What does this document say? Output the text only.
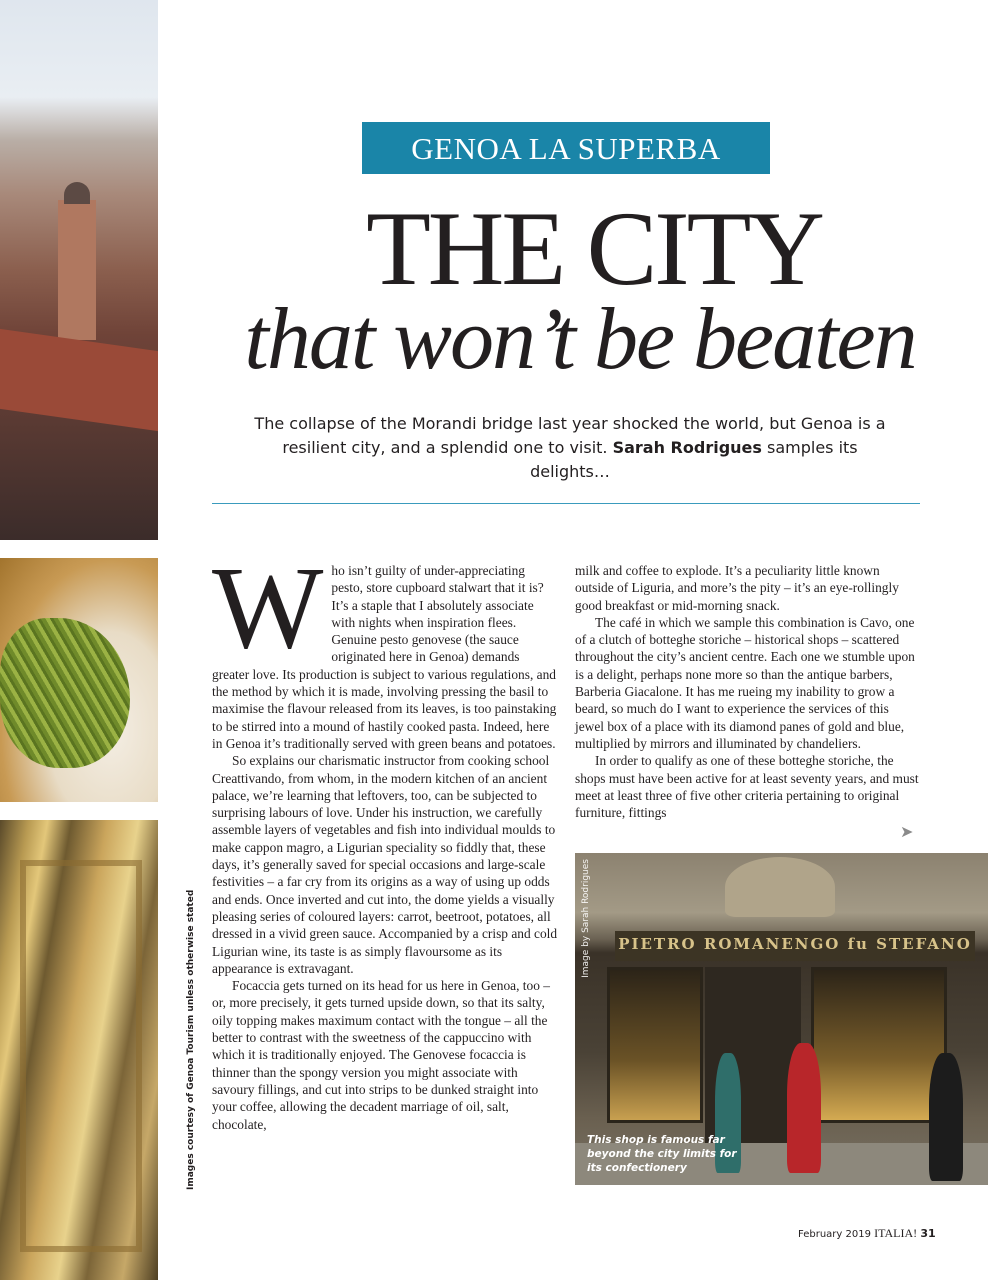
Images courtesy of Genoa Tourism unless otherwise stated
GENOA LA SUPERBA
THE CITY
that won’t be beaten
The collapse of the Morandi bridge last year shocked the world, but Genoa is a resilient city, and a splendid one to visit. Sarah Rodrigues samples its delights…

Who isn’t guilty of under-appreciating pesto, store cupboard stalwart that it is? It’s a staple that I absolutely associate with nights when inspiration flees. Genuine pesto genovese (the sauce originated here in Genoa) demands greater love. Its production is subject to various regulations, and the method by which it is made, involving pressing the basil to maximise the flavour released from its leaves, is too painstaking to be stirred into a mound of hastily cooked pasta. Indeed, here in Genoa it’s traditionally served with green beans and potatoes.

So explains our charismatic instructor from cooking school Creattivando, from whom, in the modern kitchen of an ancient palace, we’re learning that leftovers, too, can be subjected to surprising labours of love. Under his instruction, we carefully assemble layers of vegetables and fish into individual moulds to make cappon magro, a Ligurian speciality so fiddly that, these days, it’s generally saved for special occasions and large-scale festivities – a far cry from its origins as a way of using up odds and ends. Once inverted and cut into, the dome yields a visually pleasing series of coloured layers: carrot, beetroot, potatoes, all dressed in a vivid green sauce. Accompanied by a crisp and cold Ligurian wine, its taste is as simply flavoursome as its appearance is extravagant.

Focaccia gets turned on its head for us here in Genoa, too – or, more precisely, it gets turned upside down, so that its salty, oily topping makes maximum contact with the tongue – all the better to contrast with the sweetness of the cappuccino with which it is traditionally enjoyed. The Genovese focaccia is thinner than the spongy version you might associate with savoury fillings, and cut into strips to be dunked straight into your coffee, allowing the decadent marriage of oil, salt, chocolate,

milk and coffee to explode. It’s a peculiarity little known outside of Liguria, and more’s the pity – it’s an eye-rollingly good breakfast or mid-morning snack.

The café in which we sample this combination is Cavo, one of a clutch of botteghe storiche – historical shops – scattered throughout the city’s ancient centre. Each one we stumble upon is a delight, perhaps none more so than the antique barbers, Barberia Giacalone. It has me rueing my inability to grow a beard, so much do I want to experience the services of this jewel box of a place with its diamond panes of gold and blue, multiplied by mirrors and illuminated by chandeliers.

In order to qualify as one of these botteghe storiche, the shops must have been active for at least seventy years, and must meet at least three of five other criteria pertaining to original furniture, fittings

➤
PIETRO ROMANENGO fu STEFANO
Image by Sarah Rodrigues
This shop is famous far beyond the city limits for its confectionery
February 2019 ITALIA! 31
